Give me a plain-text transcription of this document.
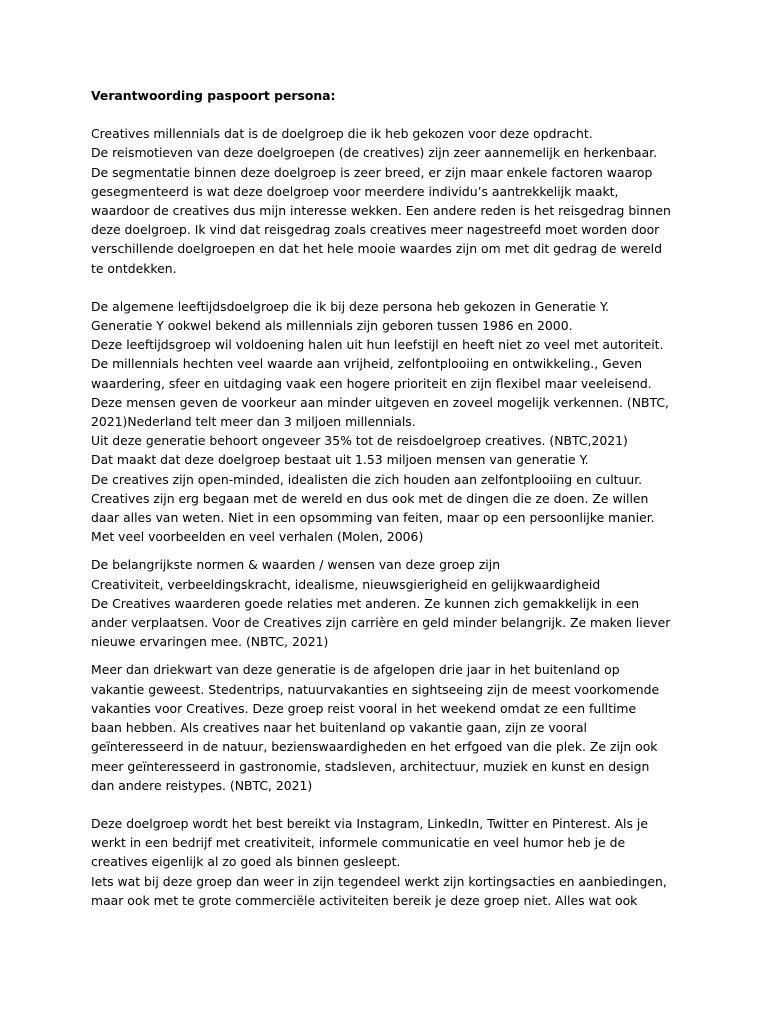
Verantwoording paspoort persona:
Creatives millennials dat is de doelgroep die ik heb gekozen voor deze opdracht.
De reismotieven van deze doelgroepen (de creatives) zijn zeer aannemelijk en herkenbaar.
De segmentatie binnen deze doelgroep is zeer breed, er zijn maar enkele factoren waarop
gesegmenteerd is wat deze doelgroep voor meerdere individu’s aantrekkelijk maakt,
waardoor de creatives dus mijn interesse wekken. Een andere reden is het reisgedrag binnen
deze doelgroep. Ik vind dat reisgedrag zoals creatives meer nagestreefd moet worden door
verschillende doelgroepen en dat het hele mooie waardes zijn om met dit gedrag de wereld
te ontdekken.
De algemene leeftijdsdoelgroep die ik bij deze persona heb gekozen in Generatie Y.
Generatie Y ookwel bekend als millennials zijn geboren tussen 1986 en 2000.
Deze leeftijdsgroep wil voldoening halen uit hun leefstijl en heeft niet zo veel met autoriteit.
De millennials hechten veel waarde aan vrijheid, zelfontplooiing en ontwikkeling., Geven
waardering, sfeer en uitdaging vaak een hogere prioriteit en zijn flexibel maar veeleisend.
Deze mensen geven de voorkeur aan minder uitgeven en zoveel mogelijk verkennen. (NBTC,
2021)Nederland telt meer dan 3 miljoen millennials.
Uit deze generatie behoort ongeveer 35% tot de reisdoelgroep creatives. (NBTC,2021)
Dat maakt dat deze doelgroep bestaat uit 1.53 miljoen mensen van generatie Y.
De creatives zijn open-minded, idealisten die zich houden aan zelfontplooiing en cultuur.
Creatives zijn erg begaan met de wereld en dus ook met de dingen die ze doen. Ze willen
daar alles van weten. Niet in een opsomming van feiten, maar op een persoonlijke manier.
Met veel voorbeelden en veel verhalen (Molen, 2006)
De belangrijkste normen & waarden / wensen van deze groep zijn
Creativiteit, verbeeldingskracht, idealisme, nieuwsgierigheid en gelijkwaardigheid
De Creatives waarderen goede relaties met anderen. Ze kunnen zich gemakkelijk in een
ander verplaatsen. Voor de Creatives zijn carrière en geld minder belangrijk. Ze maken liever
nieuwe ervaringen mee. (NBTC, 2021)
Meer dan driekwart van deze generatie is de afgelopen drie jaar in het buitenland op
vakantie geweest. Stedentrips, natuurvakanties en sightseeing zijn de meest voorkomende
vakanties voor Creatives. Deze groep reist vooral in het weekend omdat ze een fulltime
baan hebben. Als creatives naar het buitenland op vakantie gaan, zijn ze vooral
geïnteresseerd in de natuur, bezienswaardigheden en het erfgoed van die plek. Ze zijn ook
meer geïnteresseerd in gastronomie, stadsleven, architectuur, muziek en kunst en design
dan andere reistypes. (NBTC, 2021)
Deze doelgroep wordt het best bereikt via Instagram, LinkedIn, Twitter en Pinterest. Als je
werkt in een bedrijf met creativiteit, informele communicatie en veel humor heb je de
creatives eigenlijk al zo goed als binnen gesleept.
Iets wat bij deze groep dan weer in zijn tegendeel werkt zijn kortingsacties en aanbiedingen,
maar ook met te grote commerciële activiteiten bereik je deze groep niet. Alles wat ook
